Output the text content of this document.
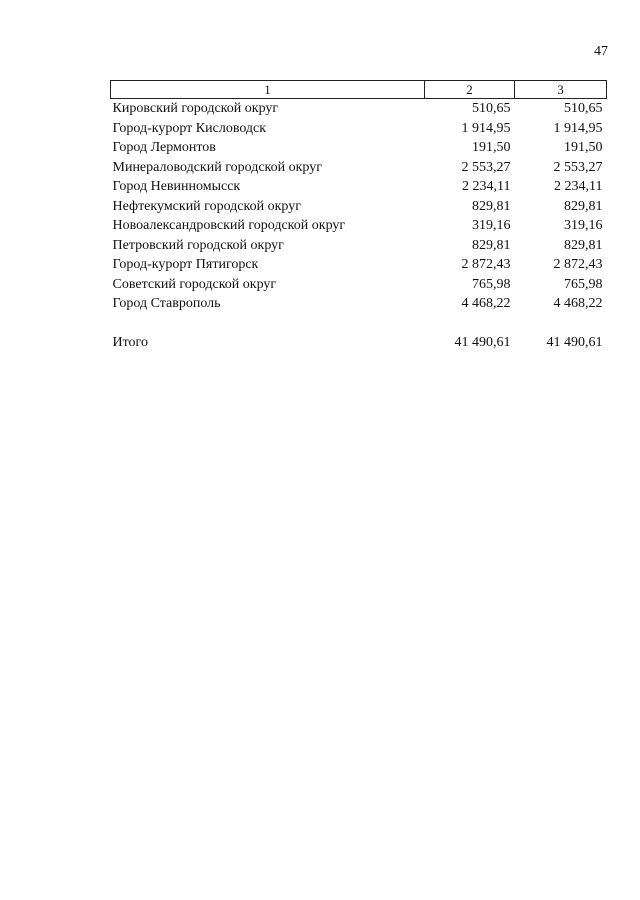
47
1	2	3
Кировский городской округ	510,65	510,65
Город-курорт Кисловодск	1 914,95	1 914,95
Город Лермонтов	191,50	191,50
Минераловодский городской округ	2 553,27	2 553,27
Город Невинномысск	2 234,11	2 234,11
Нефтекумский городской округ	829,81	829,81
Новоалександровский городской округ	319,16	319,16
Петровский городской округ	829,81	829,81
Город-курорт Пятигорск	2 872,43	2 872,43
Советский городской округ	765,98	765,98
Город Ставрополь	4 468,22	4 468,22

Итого	41 490,61	41 490,61
